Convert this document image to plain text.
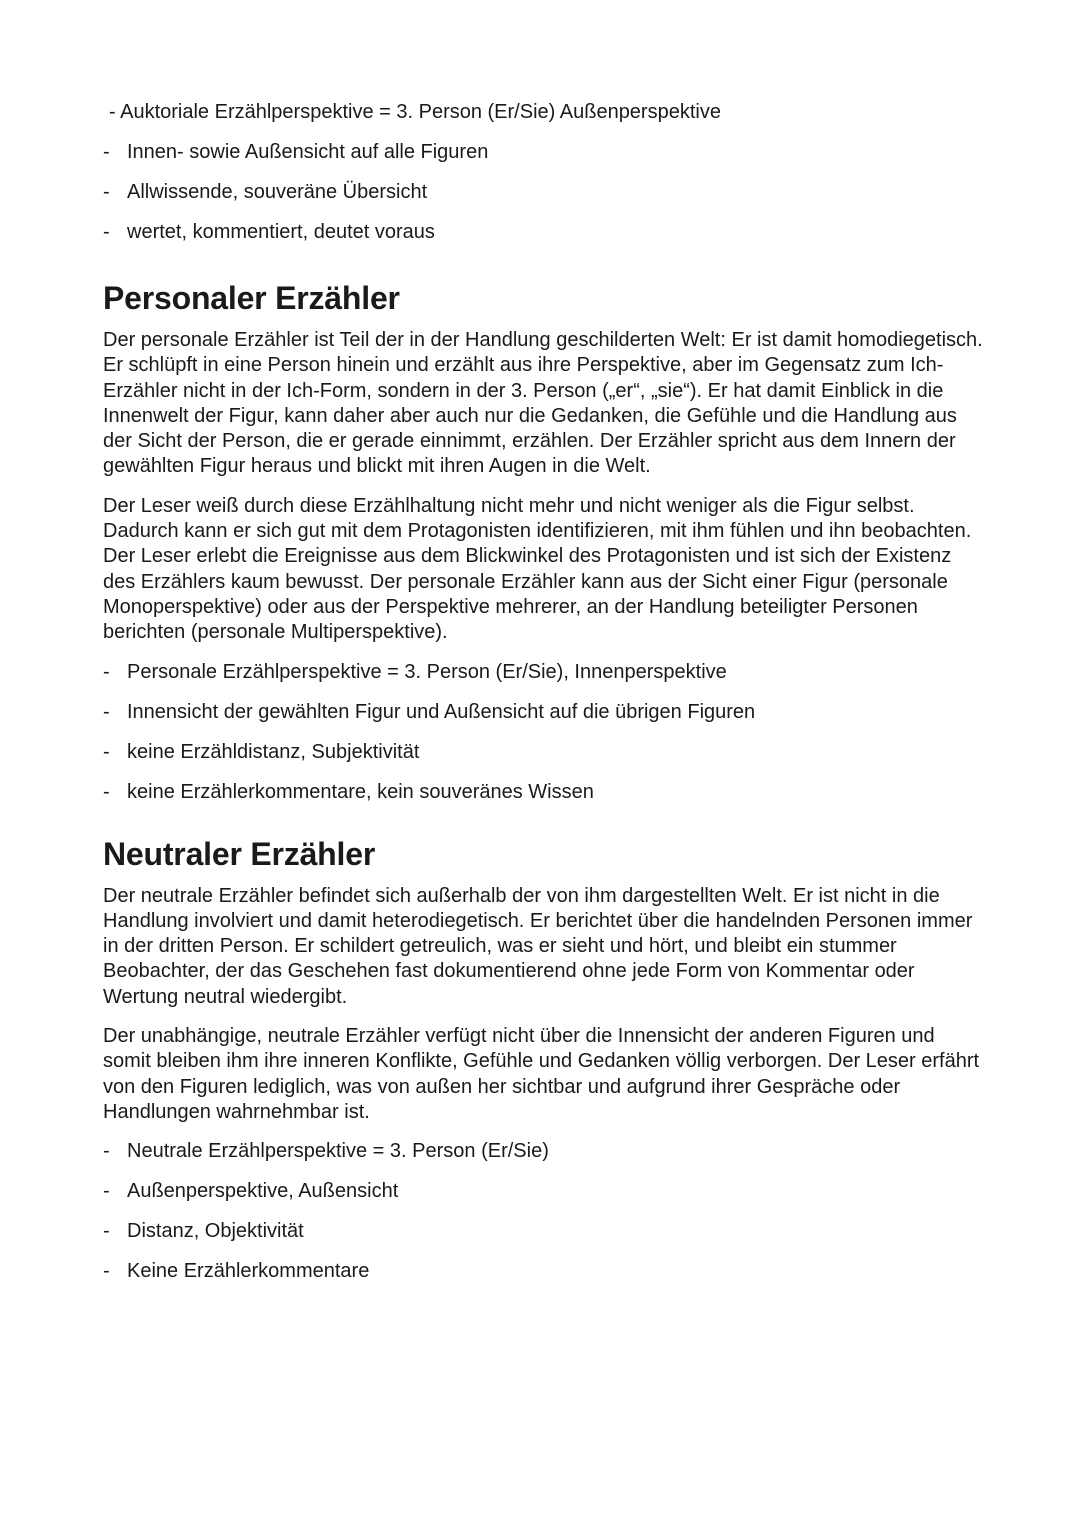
- Auktoriale Erzählperspektive = 3. Person (Er/Sie) Außenperspektive
- Innen- sowie Außensicht auf alle Figuren
- Allwissende, souveräne Übersicht
- wertet, kommentiert, deutet voraus
Personaler Erzähler

Der personale Erzähler ist Teil der in der Handlung geschilderten Welt: Er ist damit homodiegetisch. Er schlüpft in eine Person hinein und erzählt aus ihre Perspektive, aber im Gegensatz zum Ich-Erzähler nicht in der Ich-Form, sondern in der 3. Person („er“, „sie“). Er hat damit Einblick in die Innenwelt der Figur, kann daher aber auch nur die Gedanken, die Gefühle und die Handlung aus der Sicht der Person, die er gerade einnimmt, erzählen. Der Erzähler spricht aus dem Innern der gewählten Figur heraus und blickt mit ihren Augen in die Welt.

Der Leser weiß durch diese Erzählhaltung nicht mehr und nicht weniger als die Figur selbst. Dadurch kann er sich gut mit dem Protagonisten identifizieren, mit ihm fühlen und ihn beobachten. Der Leser erlebt die Ereignisse aus dem Blickwinkel des Protagonisten und ist sich der Existenz des Erzählers kaum bewusst. Der personale Erzähler kann aus der Sicht einer Figur (personale Monoperspektive) oder aus der Perspektive mehrerer, an der Handlung beteiligter Personen berichten (personale Multiperspektive).

- Personale Erzählperspektive = 3. Person (Er/Sie), Innenperspektive
- Innensicht der gewählten Figur und Außensicht auf die übrigen Figuren
- keine Erzähldistanz, Subjektivität
- keine Erzählerkommentare, kein souveränes Wissen
Neutraler Erzähler

Der neutrale Erzähler befindet sich außerhalb der von ihm dargestellten Welt. Er ist nicht in die Handlung involviert und damit heterodiegetisch. Er berichtet über die handelnden Personen immer in der dritten Person. Er schildert getreulich, was er sieht und hört, und bleibt ein stummer Beobachter, der das Geschehen fast dokumentierend ohne jede Form von Kommentar oder Wertung neutral wiedergibt.

Der unabhängige, neutrale Erzähler verfügt nicht über die Innensicht der anderen Figuren und somit bleiben ihm ihre inneren Konflikte, Gefühle und Gedanken völlig verborgen. Der Leser erfährt von den Figuren lediglich, was von außen her sichtbar und aufgrund ihrer Gespräche oder Handlungen wahrnehmbar ist.

- Neutrale Erzählperspektive = 3. Person (Er/Sie)
- Außenperspektive, Außensicht
- Distanz, Objektivität
- Keine Erzählerkommentare
